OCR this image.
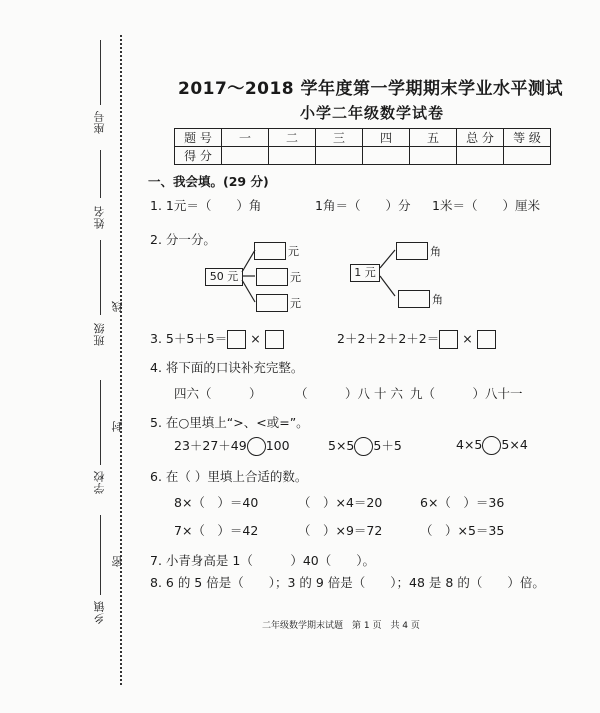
座号
姓名
班级
线
封
学校
密
乡镇
2017～2018 学年度第一学期期末学业水平测试
小学二年级数学试卷
题 号	一	二	三	四	五	总 分	等 级
得 分							
一、我会填。(29 分)
1. 1元＝（　　）角	1角＝（　　）分 1米＝（　　）厘米
2. 分一分。
50 元
元
元
元
1 元
角
角
3. 5＋5＋5＝ ×	2＋2＋2＋2＋2＝ ×
4. 将下面的口诀补充完整。
四六（　　　）	（　　　）八 十 六 九（　　　）八十一
5. 在○里填上“>、<或=”。
23＋27＋49 100	5×5 5＋5	4×5 5×4
6. 在（ ）里填上合适的数。
8×（　）＝40	（　）×4＝20	6×（　）＝36
7×（　）＝42	（　）×9＝72	（　）×5＝35
7. 小青身高是 1（　　　）40（　　）。
8. 6 的 5 倍是（　　）；3 的 9 倍是（　　）；48 是 8 的（　　）倍。
二年级数学期末试题　第 1 页　共 4 页
